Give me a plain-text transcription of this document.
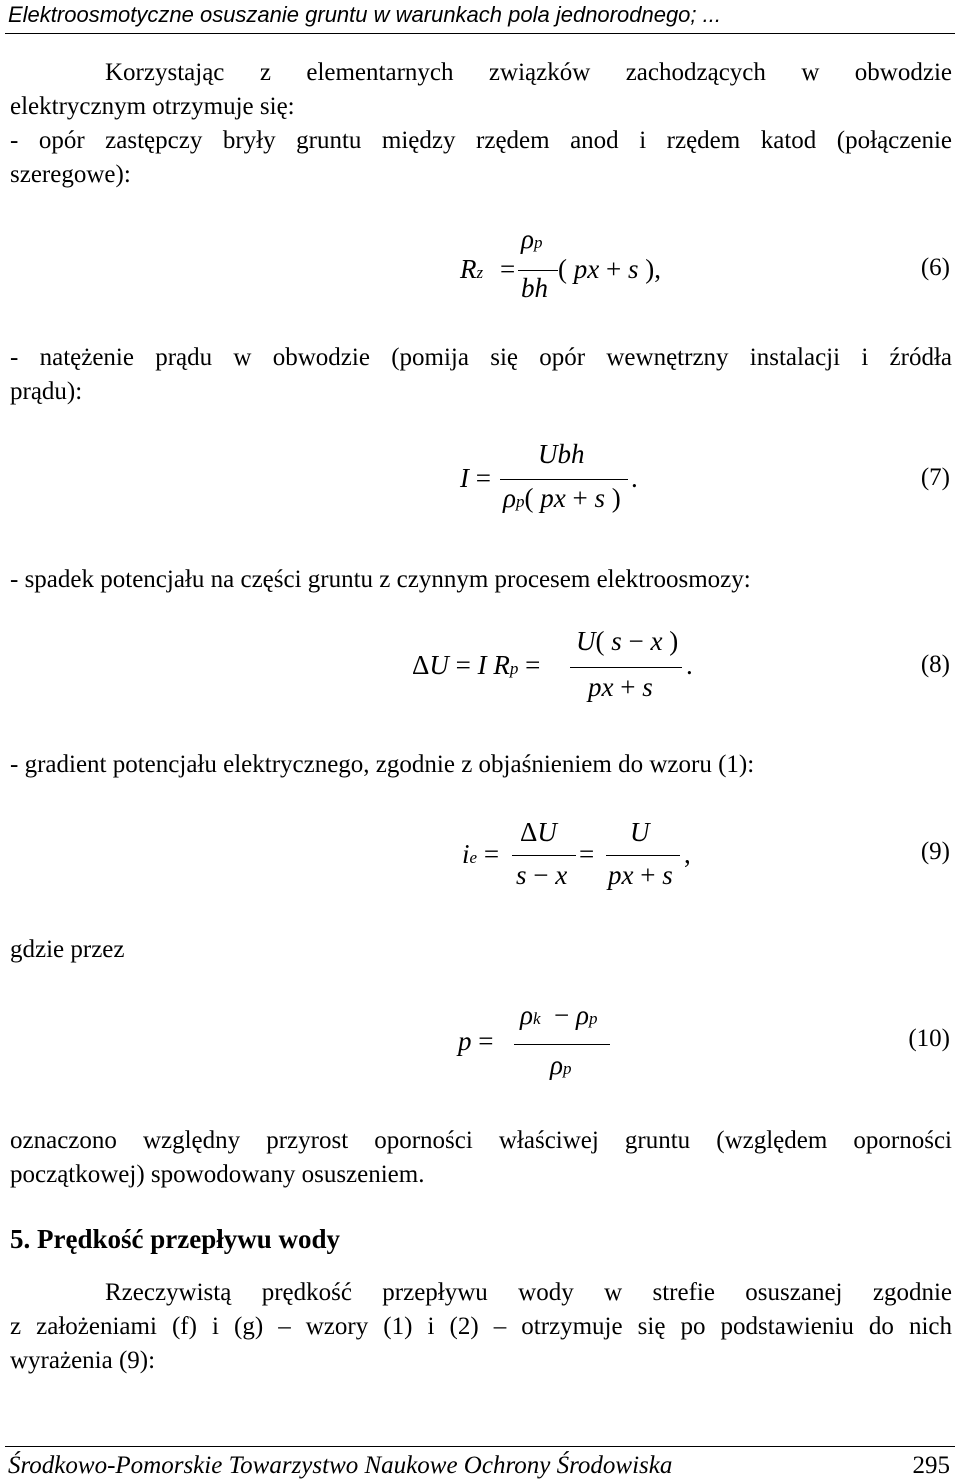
Elektroosmotyczne osuszanie gruntu w warunkach pola jednorodnego; ...
Korzystając z elementarnych związków zachodzących w obwodzie
elektrycznym otrzymuje się:
- opór zastępczy bryły gruntu między rzędem anod i rzędem katod (połączenie
szeregowe):
Rz =
ρp
bh
( px + s ),	(6)
- natężenie prądu w obwodzie (pomija się opór wewnętrzny instalacji i źródła
prądu):
I =
Ubh
ρp( px + s )
.	(7)
- spadek potencjału na części gruntu z czynnym procesem elektroosmozy:
ΔU = I Rp =
U( s − x )
px + s
.	(8)
- gradient potencjału elektrycznego, zgodnie z objaśnieniem do wzoru (1):
ie =
ΔU
s − x
=
U
px + s
,	(9)
gdzie przez
p =
ρk  − ρp
ρp
(10)
oznaczono względny przyrost oporności właściwej gruntu (względem oporności
początkowej) spowodowany osuszeniem.
5. Prędkość przepływu wody
Rzeczywistą prędkość przepływu wody w strefie osuszanej zgodnie
z założeniami (f) i (g) – wzory (1) i (2) – otrzymuje się po podstawieniu do nich
wyrażenia (9):
Środkowo-Pomorskie Towarzystwo Naukowe Ochrony Środowiska	295
